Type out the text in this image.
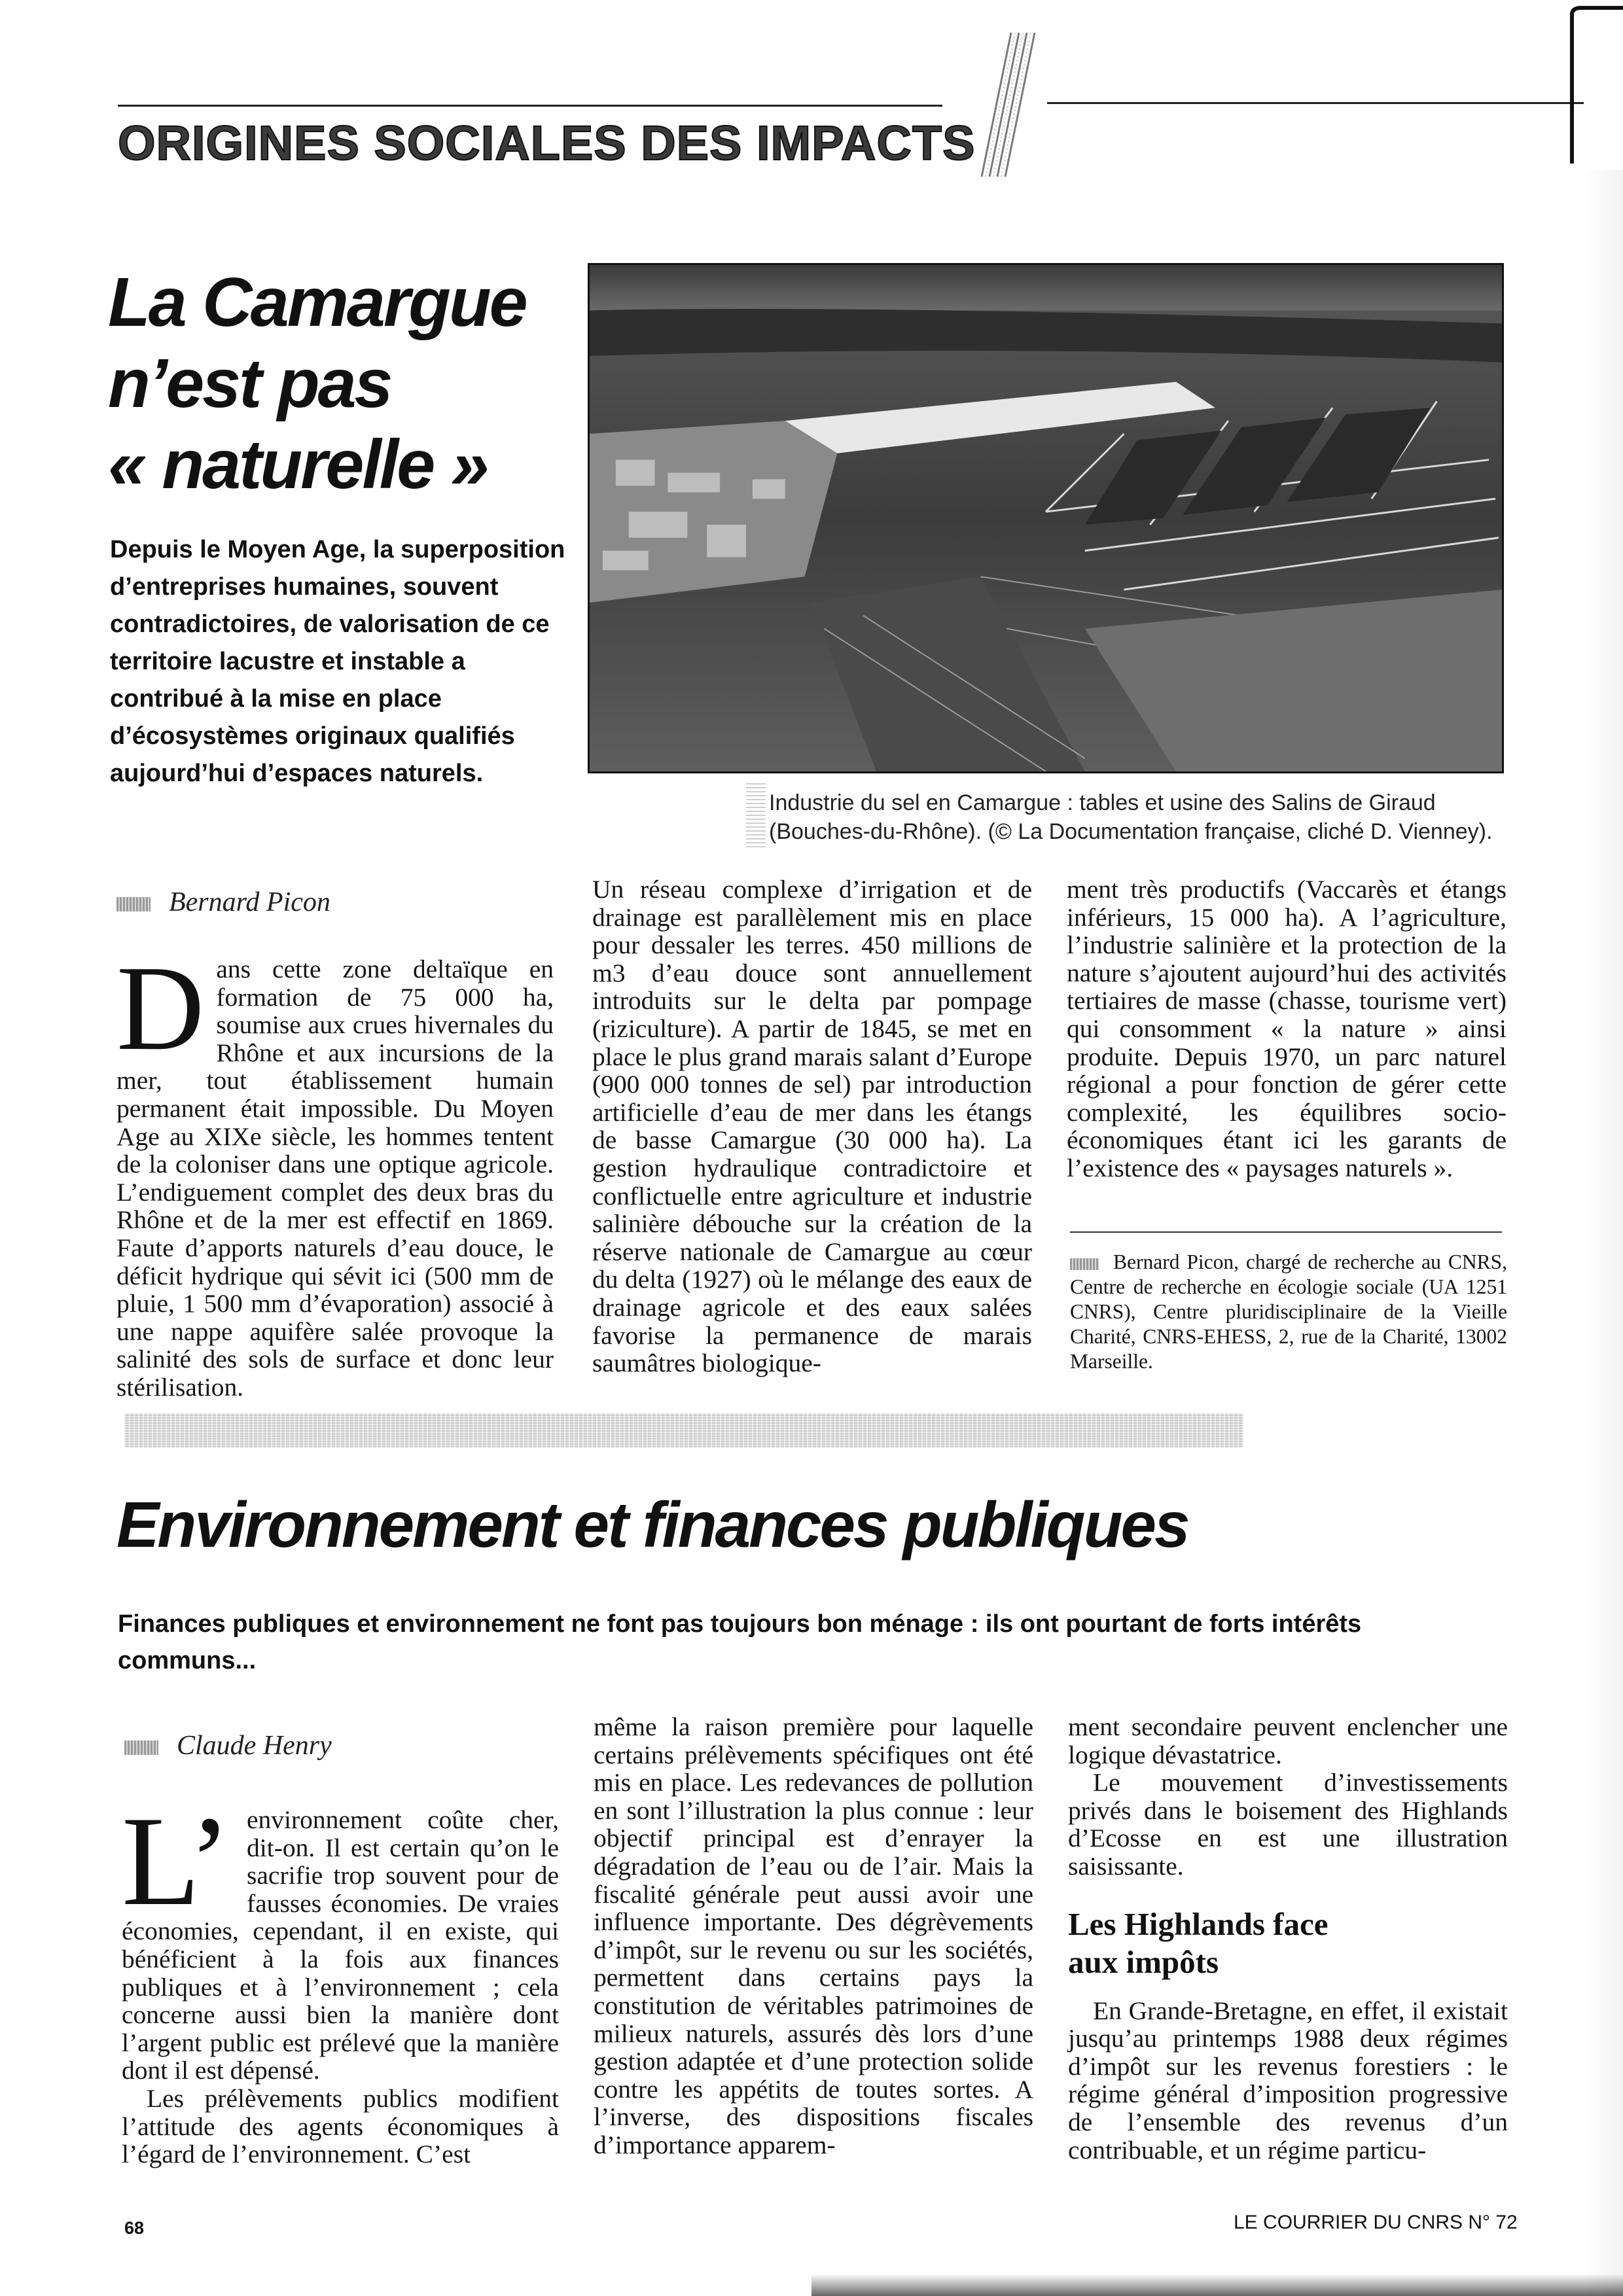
ORIGINES SOCIALES DES IMPACTS
La Camargue
n’est pas
« naturelle »

Depuis le Moyen Age, la superposition d’entreprises humaines, souvent contradictoires, de valorisation de ce territoire lacustre et instable a contribué à la mise en place d’écosystèmes originaux qualifiés aujourd’hui d’espaces naturels.

Bernard Picon

Industrie du sel en Camargue : tables et usine des Salins de Giraud (Bouches-du-Rhône). (© La Documentation française, cliché D. Vienney).

Dans cette zone deltaïque en formation de 75 000 ha, soumise aux crues hivernales du Rhône et aux incursions de la mer, tout établissement humain permanent était impossible. Du Moyen Age au XIXe siècle, les hommes tentent de la coloniser dans une optique agricole. L’endiguement complet des deux bras du Rhône et de la mer est effectif en 1869. Faute d’apports naturels d’eau douce, le déficit hydrique qui sévit ici (500 mm de pluie, 1 500 mm d’évaporation) associé à une nappe aquifère salée provoque la salinité des sols de surface et donc leur stérilisation.

Un réseau complexe d’irrigation et de drainage est parallèlement mis en place pour dessaler les terres. 450 millions de m3 d’eau douce sont annuellement introduits sur le delta par pompage (riziculture). A partir de 1845, se met en place le plus grand marais salant d’Europe (900 000 tonnes de sel) par introduction artificielle d’eau de mer dans les étangs de basse Camargue (30 000 ha). La gestion hydraulique contradictoire et conflictuelle entre agriculture et industrie salinière débouche sur la création de la réserve nationale de Camargue au cœur du delta (1927) où le mélange des eaux de drainage agricole et des eaux salées favorise la permanence de marais saumâtres biologique-

ment très productifs (Vaccarès et étangs inférieurs, 15 000 ha). A l’agriculture, l’industrie salinière et la protection de la nature s’ajoutent aujourd’hui des activités tertiaires de masse (chasse, tourisme vert) qui consomment « la nature » ainsi produite. Depuis 1970, un parc naturel régional a pour fonction de gérer cette complexité, les équilibres socio-économiques étant ici les garants de l’existence des « paysages naturels ».

Bernard Picon, chargé de recherche au CNRS, Centre de recherche en écologie sociale (UA 1251 CNRS), Centre pluridisciplinaire de la Vieille Charité, CNRS-EHESS, 2, rue de la Charité, 13002 Marseille.

Environnement et finances publiques

Finances publiques et environnement ne font pas toujours bon ménage : ils ont pourtant de forts intérêts communs...

Claude Henry

L’ environnement coûte cher, dit-on. Il est certain qu’on le sacrifie trop souvent pour de fausses économies. De vraies économies, cependant, il en existe, qui bénéficient à la fois aux finances publiques et à l’environnement ; cela concerne aussi bien la manière dont l’argent public est prélevé que la manière dont il est dépensé.

Les prélèvements publics modifient l’attitude des agents économiques à l’égard de l’environnement. C’est

même la raison première pour laquelle certains prélèvements spécifiques ont été mis en place. Les redevances de pollution en sont l’illustration la plus connue : leur objectif principal est d’enrayer la dégradation de l’eau ou de l’air. Mais la fiscalité générale peut aussi avoir une influence importante. Des dégrèvements d’impôt, sur le revenu ou sur les sociétés, permettent dans certains pays la constitution de véritables patrimoines de milieux naturels, assurés dès lors d’une gestion adaptée et d’une protection solide contre les appétits de toutes sortes. A l’inverse, des dispositions fiscales d’importance apparem-

ment secondaire peuvent enclencher une logique dévastatrice.

Le mouvement d’investissements privés dans le boisement des Highlands d’Ecosse en est une illustration saisissante.

Les Highlands face
aux impôts

En Grande-Bretagne, en effet, il existait jusqu’au printemps 1988 deux régimes d’impôt sur les revenus forestiers : le régime général d’imposition progressive de l’ensemble des revenus d’un contribuable, et un régime particu-

68	LE COURRIER DU CNRS N° 72
